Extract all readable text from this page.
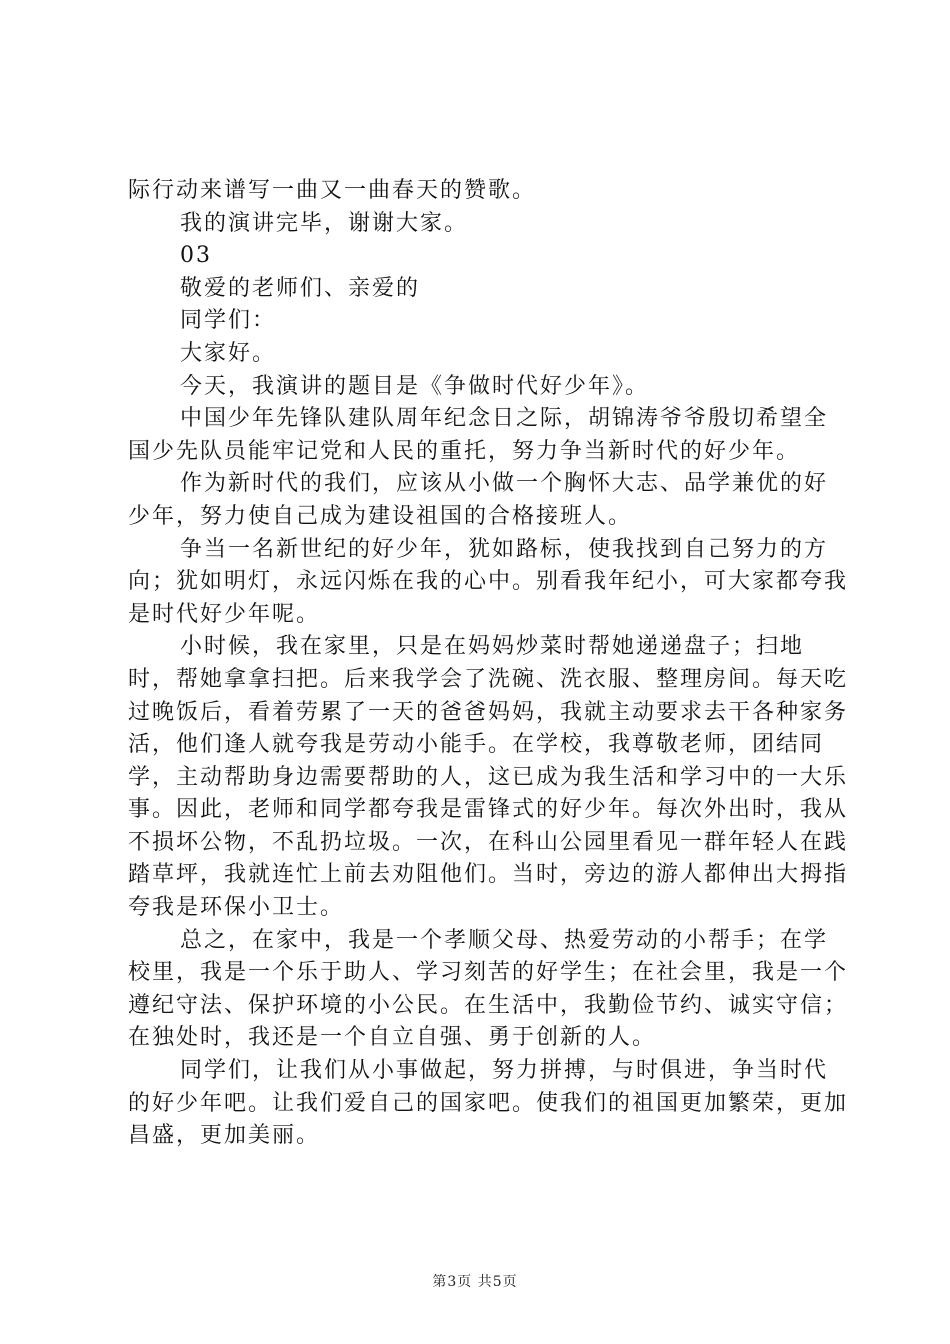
际行动来谱写一曲又一曲春天的赞歌。

我的演讲完毕，谢谢大家。

03

敬爱的老师们、亲爱的

同学们：

大家好。

今天，我演讲的题目是《争做时代好少年》。

中国少年先锋队建队周年纪念日之际，胡锦涛爷爷殷切希望全国少先队员能牢记党和人民的重托，努力争当新时代的好少年。

作为新时代的我们，应该从小做一个胸怀大志、品学兼优的好少年，努力使自己成为建设祖国的合格接班人。

争当一名新世纪的好少年，犹如路标，使我找到自己努力的方向；犹如明灯，永远闪烁在我的心中。别看我年纪小，可大家都夸我是时代好少年呢。

小时候，我在家里，只是在妈妈炒菜时帮她递递盘子；扫地时，帮她拿拿扫把。后来我学会了洗碗、洗衣服、整理房间。每天吃过晚饭后，看着劳累了一天的爸爸妈妈，我就主动要求去干各种家务活，他们逢人就夸我是劳动小能手。在学校，我尊敬老师，团结同学，主动帮助身边需要帮助的人，这已成为我生活和学习中的一大乐事。因此，老师和同学都夸我是雷锋式的好少年。每次外出时，我从不损坏公物，不乱扔垃圾。一次，在科山公园里看见一群年轻人在践踏草坪，我就连忙上前去劝阻他们。当时，旁边的游人都伸出大拇指夸我是环保小卫士。

总之，在家中，我是一个孝顺父母、热爱劳动的小帮手；在学校里，我是一个乐于助人、学习刻苦的好学生；在社会里，我是一个遵纪守法、保护环境的小公民。在生活中，我勤俭节约、诚实守信；在独处时，我还是一个自立自强、勇于创新的人。

同学们，让我们从小事做起，努力拼搏，与时俱进，争当时代的好少年吧。让我们爱自己的国家吧。使我们的祖国更加繁荣，更加昌盛，更加美丽。

第3页 共5页
